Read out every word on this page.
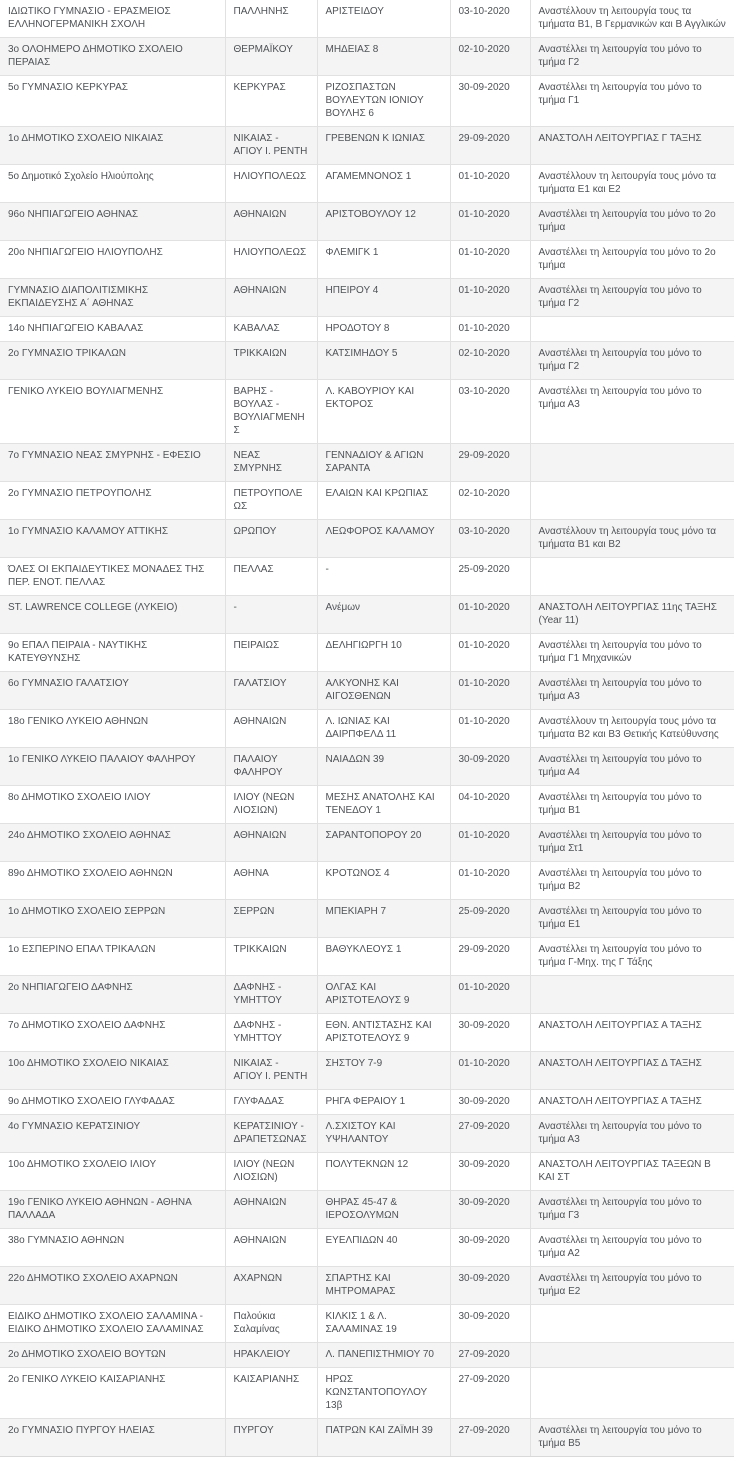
ΙΔΙΩΤΙΚΟ ΓΥΜΝΑΣΙΟ - ΕΡΑΣΜΕΙΟΣ ΕΛΛΗΝΟΓΕΡΜΑΝΙΚΗ ΣΧΟΛΗ	ΠΑΛΛΗΝΗΣ	ΑΡΙΣΤΕΙΔΟΥ	03-10-2020	Αναστέλλουν τη λειτουργία τους τα τμήματα Β1, Β Γερμανικών και Β Αγγλικών
3ο ΟΛΟΗΜΕΡΟ ΔΗΜΟΤΙΚΟ ΣΧΟΛΕΙΟ ΠΕΡΑΙΑΣ	ΘΕΡΜΑΪΚΟΥ	ΜΗΔΕΙΑΣ 8	02-10-2020	Αναστέλλει τη λειτουργία του μόνο το τμήμα Γ2
5ο ΓΥΜΝΑΣΙΟ ΚΕΡΚΥΡΑΣ	ΚΕΡΚΥΡΑΣ	ΡΙΖΟΣΠΑΣΤΩΝ ΒΟΥΛΕΥΤΩΝ ΙΟΝΙΟΥ ΒΟΥΛΗΣ 6	30-09-2020	Αναστέλλει τη λειτουργία του μόνο το τμήμα Γ1
1ο ΔΗΜΟΤΙΚΟ ΣΧΟΛΕΙΟ ΝΙΚΑΙΑΣ	ΝΙΚΑΙΑΣ - ΑΓΙΟΥ Ι. ΡΕΝΤΗ	ΓΡΕΒΕΝΩΝ Κ ΙΩΝΙΑΣ	29-09-2020	ΑΝΑΣΤΟΛΗ ΛΕΙΤΟΥΡΓΙΑΣ Γ ΤΑΞΗΣ
5ο Δημοτικό Σχολείο Ηλιούπολης	ΗΛΙΟΥΠΟΛΕΩΣ	ΑΓΑΜΕΜΝΟΝΟΣ 1	01-10-2020	Αναστέλλουν τη λειτουργία τους μόνο τα τμήματα Ε1 και Ε2
96ο ΝΗΠΙΑΓΩΓΕΙΟ ΑΘΗΝΑΣ	ΑΘΗΝΑΙΩΝ	ΑΡΙΣΤΟΒΟΥΛΟΥ 12	01-10-2020	Αναστέλλει τη λειτουργία του μόνο το 2ο τμήμα
20ο ΝΗΠΙΑΓΩΓΕΙΟ ΗΛΙΟΥΠΟΛΗΣ	ΗΛΙΟΥΠΟΛΕΩΣ	ΦΛΕΜΙΓΚ 1	01-10-2020	Αναστέλλει τη λειτουργία του μόνο το 2ο τμήμα
ΓΥΜΝΑΣΙΟ ΔΙΑΠΟΛΙΤΙΣΜΙΚΗΣ ΕΚΠΑΙΔΕΥΣΗΣ Α΄ ΑΘΗΝΑΣ	ΑΘΗΝΑΙΩΝ	ΗΠΕΙΡΟΥ 4	01-10-2020	Αναστέλλει τη λειτουργία του μόνο το τμήμα Γ2
14ο ΝΗΠΙΑΓΩΓΕΙΟ ΚΑΒΑΛΑΣ	ΚΑΒΑΛΑΣ	ΗΡΟΔΟΤΟΥ 8	01-10-2020	
2ο ΓΥΜΝΑΣΙΟ ΤΡΙΚΑΛΩΝ	ΤΡΙΚΚΑΙΩΝ	ΚΑΤΣΙΜΗΔΟΥ 5	02-10-2020	Αναστέλλει τη λειτουργία του μόνο το τμήμα Γ2
ΓΕΝΙΚΟ ΛΥΚΕΙΟ ΒΟΥΛΙΑΓΜΕΝΗΣ	ΒΑΡΗΣ - ΒΟΥΛΑΣ - ΒΟΥΛΙΑΓΜΕΝΗΣ	Λ. ΚΑΒΟΥΡΙΟΥ ΚΑΙ ΕΚΤΟΡΟΣ	03-10-2020	Αναστέλλει τη λειτουργία του μόνο το τμήμα Α3
7ο ΓΥΜΝΑΣΙΟ ΝΕΑΣ ΣΜΥΡΝΗΣ - ΕΦΕΣΙΟ	ΝΕΑΣ ΣΜΥΡΝΗΣ	ΓΕΝΝΑΔΙΟΥ & ΑΓΙΩΝ ΣΑΡΑΝΤΑ	29-09-2020	
2ο ΓΥΜΝΑΣΙΟ ΠΕΤΡΟΥΠΟΛΗΣ	ΠΕΤΡΟΥΠΟΛΕΩΣ	ΕΛΑΙΩΝ ΚΑΙ ΚΡΩΠΙΑΣ	02-10-2020	
1ο ΓΥΜΝΑΣΙΟ ΚΑΛΑΜΟΥ ΑΤΤΙΚΗΣ	ΩΡΩΠΟΥ	ΛΕΩΦΟΡΟΣ ΚΑΛΑΜΟΥ	03-10-2020	Αναστέλλουν τη λειτουργία τους μόνο τα τμήματα Β1 και Β2
ΌΛΕΣ ΟΙ ΕΚΠΑΙΔΕΥΤΙΚΕΣ ΜΟΝΑΔΕΣ ΤΗΣ ΠΕΡ. ΕΝΟΤ. ΠΕΛΛΑΣ	ΠΕΛΛΑΣ	-	25-09-2020	
ST. LAWRENCE COLLEGE (ΛΥΚΕΙΟ)	-	Ανέμων	01-10-2020	ΑΝΑΣΤΟΛΗ ΛΕΙΤΟΥΡΓΙΑΣ 11ης ΤΑΞΗΣ (Year 11)
9ο ΕΠΑΛ ΠΕΙΡΑΙΑ - ΝΑΥΤΙΚΗΣ ΚΑΤΕΥΘΥΝΣΗΣ	ΠΕΙΡΑΙΩΣ	ΔΕΛΗΓΙΩΡΓΗ 10	01-10-2020	Αναστέλλει τη λειτουργία του μόνο το τμήμα Γ1 Μηχανικών
6ο ΓΥΜΝΑΣΙΟ ΓΑΛΑΤΣΙΟΥ	ΓΑΛΑΤΣΙΟΥ	ΑΛΚΥΟΝΗΣ ΚΑΙ ΑΙΓΟΣΘΕΝΩΝ	01-10-2020	Αναστέλλει τη λειτουργία του μόνο το τμήμα Α3
18ο ΓΕΝΙΚΟ ΛΥΚΕΙΟ ΑΘΗΝΩΝ	ΑΘΗΝΑΙΩΝ	Λ. ΙΩΝΙΑΣ ΚΑΙ ΔΑΙΡΠΦΕΛΔ 11	01-10-2020	Αναστέλλουν τη λειτουργία τους μόνο τα τμήματα Β2 και Β3 Θετικής Κατεύθυνσης
1ο ΓΕΝΙΚΟ ΛΥΚΕΙΟ ΠΑΛΑΙΟΥ ΦΑΛΗΡΟΥ	ΠΑΛΑΙΟΥ ΦΑΛΗΡΟΥ	ΝΑΙΑΔΩΝ 39	30-09-2020	Αναστέλλει τη λειτουργία του μόνο το τμήμα Α4
8ο ΔΗΜΟΤΙΚΟ ΣΧΟΛΕΙΟ ΙΛΙΟΥ	ΙΛΙΟΥ (ΝΕΩΝ ΛΙΟΣΙΩΝ)	ΜΕΣΗΣ ΑΝΑΤΟΛΗΣ ΚΑΙ ΤΕΝΕΔΟΥ 1	04-10-2020	Αναστέλλει τη λειτουργία του μόνο το τμήμα Β1
24ο ΔΗΜΟΤΙΚΟ ΣΧΟΛΕΙΟ ΑΘΗΝΑΣ	ΑΘΗΝΑΙΩΝ	ΣΑΡΑΝΤΟΠΟΡΟΥ 20	01-10-2020	Αναστέλλει τη λειτουργία του μόνο το τμήμα Στ1
89ο ΔΗΜΟΤΙΚΟ ΣΧΟΛΕΙΟ ΑΘΗΝΩΝ	ΑΘΗΝΑ	ΚΡΟΤΩΝΟΣ 4	01-10-2020	Αναστέλλει τη λειτουργία του μόνο το τμήμα Β2
1ο ΔΗΜΟΤΙΚΟ ΣΧΟΛΕΙΟ ΣΕΡΡΩΝ	ΣΕΡΡΩΝ	ΜΠΕΚΙΑΡΗ 7	25-09-2020	Αναστέλλει τη λειτουργία του μόνο το τμήμα Ε1
1ο ΕΣΠΕΡΙΝΟ ΕΠΑΛ ΤΡΙΚΑΛΩΝ	ΤΡΙΚΚΑΙΩΝ	ΒΑΘΥΚΛΕΟΥΣ 1	29-09-2020	Αναστέλλει τη λειτουργία του μόνο το τμήμα Γ-Μηχ. της Γ Τάξης
2ο ΝΗΠΙΑΓΩΓΕΙΟ ΔΑΦΝΗΣ	ΔΑΦΝΗΣ - ΥΜΗΤΤΟΥ	ΟΛΓΑΣ ΚΑΙ ΑΡΙΣΤΟΤΕΛΟΥΣ 9	01-10-2020	
7ο ΔΗΜΟΤΙΚΟ ΣΧΟΛΕΙΟ ΔΑΦΝΗΣ	ΔΑΦΝΗΣ - ΥΜΗΤΤΟΥ	ΕΘΝ. ΑΝΤΙΣΤΑΣΗΣ ΚΑΙ ΑΡΙΣΤΟΤΕΛΟΥΣ 9	30-09-2020	ΑΝΑΣΤΟΛΗ ΛΕΙΤΟΥΡΓΙΑΣ Α ΤΑΞΗΣ
10ο ΔΗΜΟΤΙΚΟ ΣΧΟΛΕΙΟ ΝΙΚΑΙΑΣ	ΝΙΚΑΙΑΣ - ΑΓΙΟΥ Ι. ΡΕΝΤΗ	ΣΗΣΤΟΥ 7-9	01-10-2020	ΑΝΑΣΤΟΛΗ ΛΕΙΤΟΥΡΓΙΑΣ Δ ΤΑΞΗΣ
9ο ΔΗΜΟΤΙΚΟ ΣΧΟΛΕΙΟ ΓΛΥΦΑΔΑΣ	ΓΛΥΦΑΔΑΣ	ΡΗΓΑ ΦΕΡΑΙΟΥ 1	30-09-2020	ΑΝΑΣΤΟΛΗ ΛΕΙΤΟΥΡΓΙΑΣ Α ΤΑΞΗΣ
4ο ΓΥΜΝΑΣΙΟ ΚΕΡΑΤΣΙΝΙΟΥ	ΚΕΡΑΤΣΙΝΙΟΥ - ΔΡΑΠΕΤΣΩΝΑΣ	Λ.ΣΧΙΣΤΟΥ ΚΑΙ ΥΨΗΛΑΝΤΟΥ	27-09-2020	Αναστέλλει τη λειτουργία του μόνο το τμήμα Α3
10ο ΔΗΜΟΤΙΚΟ ΣΧΟΛΕΙΟ ΙΛΙΟΥ	ΙΛΙΟΥ (ΝΕΩΝ ΛΙΟΣΙΩΝ)	ΠΟΛΥΤΕΚΝΩΝ 12	30-09-2020	ΑΝΑΣΤΟΛΗ ΛΕΙΤΟΥΡΓΙΑΣ ΤΑΞΕΩΝ Β ΚΑΙ ΣΤ
19ο ΓΕΝΙΚΟ ΛΥΚΕΙΟ ΑΘΗΝΩΝ - ΑΘΗΝΑ ΠΑΛΛΑΔΑ	ΑΘΗΝΑΙΩΝ	ΘΗΡΑΣ 45-47 & ΙΕΡΟΣΟΛΥΜΩΝ	30-09-2020	Αναστέλλει τη λειτουργία του μόνο το τμήμα Γ3
38ο ΓΥΜΝΑΣΙΟ ΑΘΗΝΩΝ	ΑΘΗΝΑΙΩΝ	ΕΥΕΛΠΙΔΩΝ 40	30-09-2020	Αναστέλλει τη λειτουργία του μόνο το τμήμα Α2
22ο ΔΗΜΟΤΙΚΟ ΣΧΟΛΕΙΟ ΑΧΑΡΝΩΝ	ΑΧΑΡΝΩΝ	ΣΠΑΡΤΗΣ ΚΑΙ ΜΗΤΡΟΜΑΡΑΣ	30-09-2020	Αναστέλλει τη λειτουργία του μόνο το τμήμα Ε2
ΕΙΔΙΚΟ ΔΗΜΟΤΙΚΟ ΣΧΟΛΕΙΟ ΣΑΛΑΜΙΝΑ - ΕΙΔΙΚΟ ΔΗΜΟΤΙΚΟ ΣΧΟΛΕΙΟ ΣΑΛΑΜΙΝΑΣ	Παλούκια Σαλαμίνας	ΚΙΛΚΙΣ 1 & Λ. ΣΑΛΑΜΙΝΑΣ 19	30-09-2020	
2ο ΔΗΜΟΤΙΚΟ ΣΧΟΛΕΙΟ ΒΟΥΤΩΝ	ΗΡΑΚΛΕΙΟΥ	Λ. ΠΑΝΕΠΙΣΤΗΜΙΟΥ 70	27-09-2020	
2ο ΓΕΝΙΚΟ ΛΥΚΕΙΟ ΚΑΙΣΑΡΙΑΝΗΣ	ΚΑΙΣΑΡΙΑΝΗΣ	ΗΡΩΣ ΚΩΝΣΤΑΝΤΟΠΟΥΛΟΥ 13β	27-09-2020	
2ο ΓΥΜΝΑΣΙΟ ΠΥΡΓΟΥ ΗΛΕΙΑΣ	ΠΥΡΓΟΥ	ΠΑΤΡΩΝ ΚΑΙ ΖΑΪΜΗ 39	27-09-2020	Αναστέλλει τη λειτουργία του μόνο το τμήμα Β5
